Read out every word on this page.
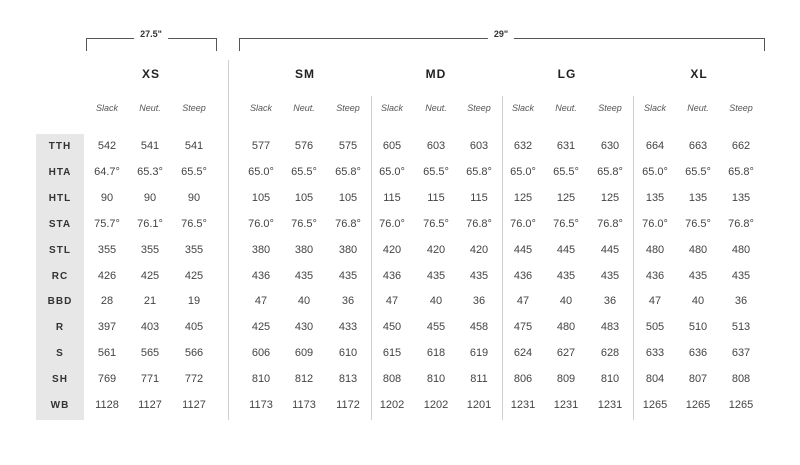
27.5"	29"
XS	SM	MD	LG	XL
Slack Neut. Steep	Slack Neut. Steep Slack Neut. Steep Slack Neut. Steep Slack Neut. Steep
TTH	542 541 541	577 576 575 605 603 603 632 631 630 664 663 662
HTA	64.7° 65.3° 65.5°	65.0° 65.5° 65.8° 65.0° 65.5° 65.8° 65.0° 65.5° 65.8° 65.0° 65.5° 65.8°
HTL	90	90	90	105 105 105 115 115 115 125 125 125 135 135 135
STA	75.7° 76.1° 76.5°	76.0° 76.5° 76.8° 76.0° 76.5° 76.8° 76.0° 76.5° 76.8° 76.0° 76.5° 76.8°
STL	355 355 355	380 380 380 420 420 420 445 445 445 480 480 480
RC	426 425 425	436 435 435 436 435 435 436 435 435 436 435 435
BBD	28	21	19	47	40	36	47	40	36	47	40	36	47	40	36
R	397 403 405	425 430 433 450 455 458 475 480 483 505 510 513
S	561 565 566	606 609 610 615 618 619 624 627 628 633 636 637
SH	769 771 772	810 812 813 808 810 811 806 809 810 804 807 808
WB	1128 1127 1127	1173 1173 1172 1202 1202 1201 1231 1231 1231 1265 1265 1265
